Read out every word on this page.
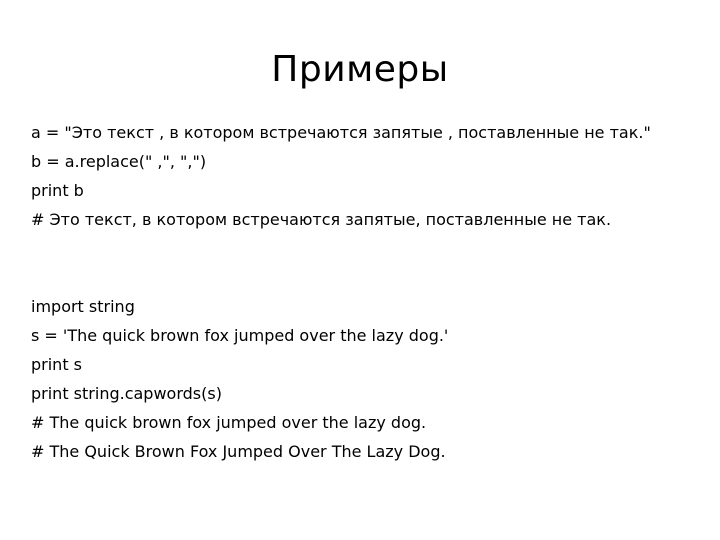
Примеры
a = "Это текст , в котором встречаются запятые , поставленные не так."
b = a.replace(" ,", ",")
print b
# Это текст, в котором встречаются запятые, поставленные не так.
import string
s = 'The quick brown fox jumped over the lazy dog.'
print s
print string.capwords(s)
# The quick brown fox jumped over the lazy dog.
# The Quick Brown Fox Jumped Over The Lazy Dog.
